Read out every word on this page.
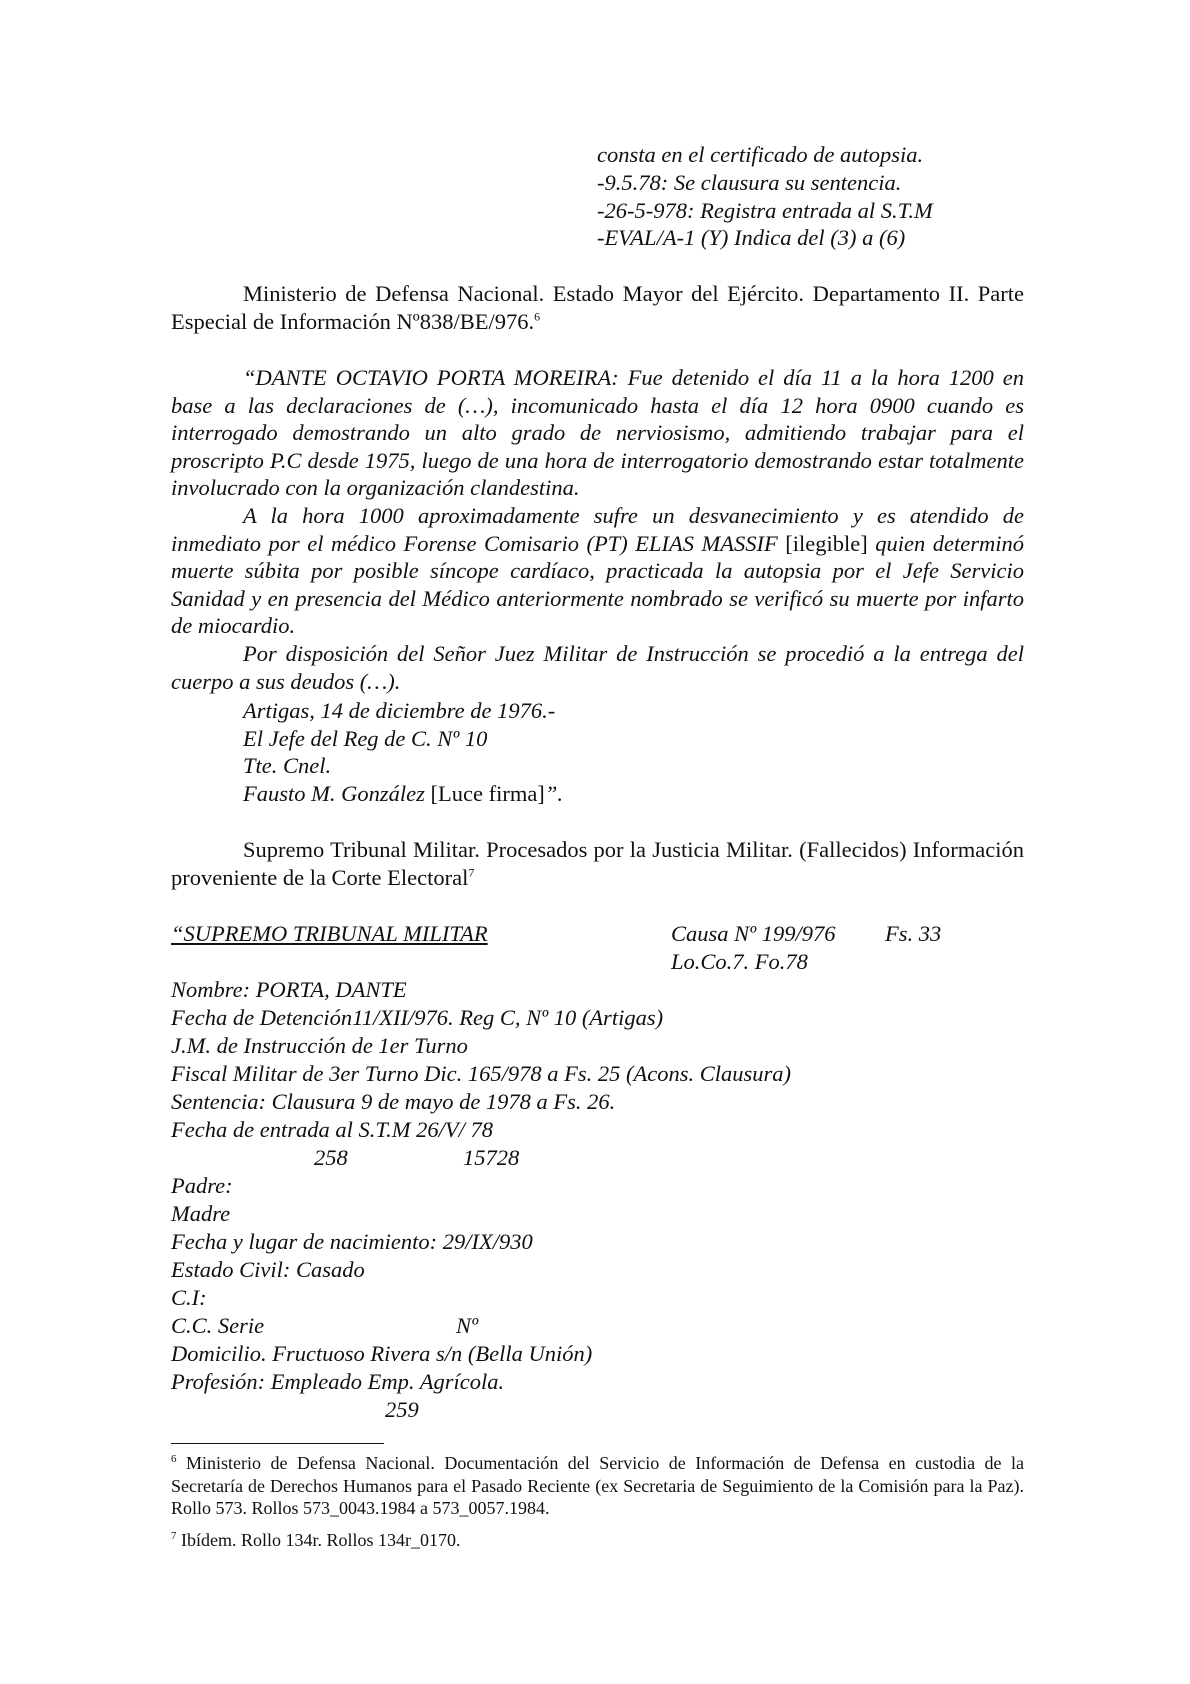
consta en el certificado de autopsia.
-9.5.78: Se clausura su sentencia.
-26-5-978: Registra entrada al S.T.M
-EVAL/A-1 (Y) Indica del (3) a (6)
Ministerio de Defensa Nacional. Estado Mayor del Ejército. Departamento II. Parte Especial de Información Nº838/BE/976.$^6$
“DANTE OCTAVIO PORTA MOREIRA: Fue detenido el día 11 a la hora 1200 en base a las declaraciones de (…), incomunicado hasta el día 12 hora 0900 cuando es interrogado demostrando un alto grado de nerviosismo, admitiendo trabajar para el proscripto P.C desde 1975, luego de una hora de interrogatorio demostrando estar totalmente involucrado con la organización clandestina.
A la hora 1000 aproximadamente sufre un desvanecimiento y es atendido de inmediato por el médico Forense Comisario (PT) ELIAS MASSIF [ilegible] quien determinó muerte súbita por posible síncope cardíaco, practicada la autopsia por el Jefe Servicio Sanidad y en presencia del Médico anteriormente nombrado se verificó su muerte por infarto de miocardio.
Por disposición del Señor Juez Militar de Instrucción se procedió a la entrega del cuerpo a sus deudos (…).
Artigas, 14 de diciembre de 1976.-
El Jefe del Reg de C. Nº 10
Tte. Cnel.
Fausto M. González [Luce firma]”.
Supremo Tribunal Militar. Procesados por la Justicia Militar. (Fallecidos) Información proveniente de la Corte Electoral$^7$
“SUPREMO TRIBUNAL MILITAR	Causa Nº 199/976 Fs. 33
Lo.Co.7. Fo.78
Nombre: PORTA, DANTE
Fecha de Detención11/XII/976. Reg C, Nº 10 (Artigas)
J.M. de Instrucción de 1er Turno
Fiscal Militar de 3er Turno Dic. 165/978 a Fs. 25 (Acons. Clausura)
Sentencia: Clausura 9 de mayo de 1978 a Fs. 26.
Fecha de entrada al S.T.M 26/V/ 78
258	15728
Padre:
Madre
Fecha y lugar de nacimiento: 29/IX/930
Estado Civil: Casado
C.I:
C.C. Serie	Nº
Domicilio. Fructuoso Rivera s/n (Bella Unión)
Profesión: Empleado Emp. Agrícola.
259
$^6$ Ministerio de Defensa Nacional. Documentación del Servicio de Información de Defensa en custodia de la Secretaría de Derechos Humanos para el Pasado Reciente (ex Secretaria de Seguimiento de la Comisión para la Paz). Rollo 573. Rollos 573_0043.1984 a 573_0057.1984.
$^7$ Ibídem. Rollo 134r. Rollos 134r_0170.
